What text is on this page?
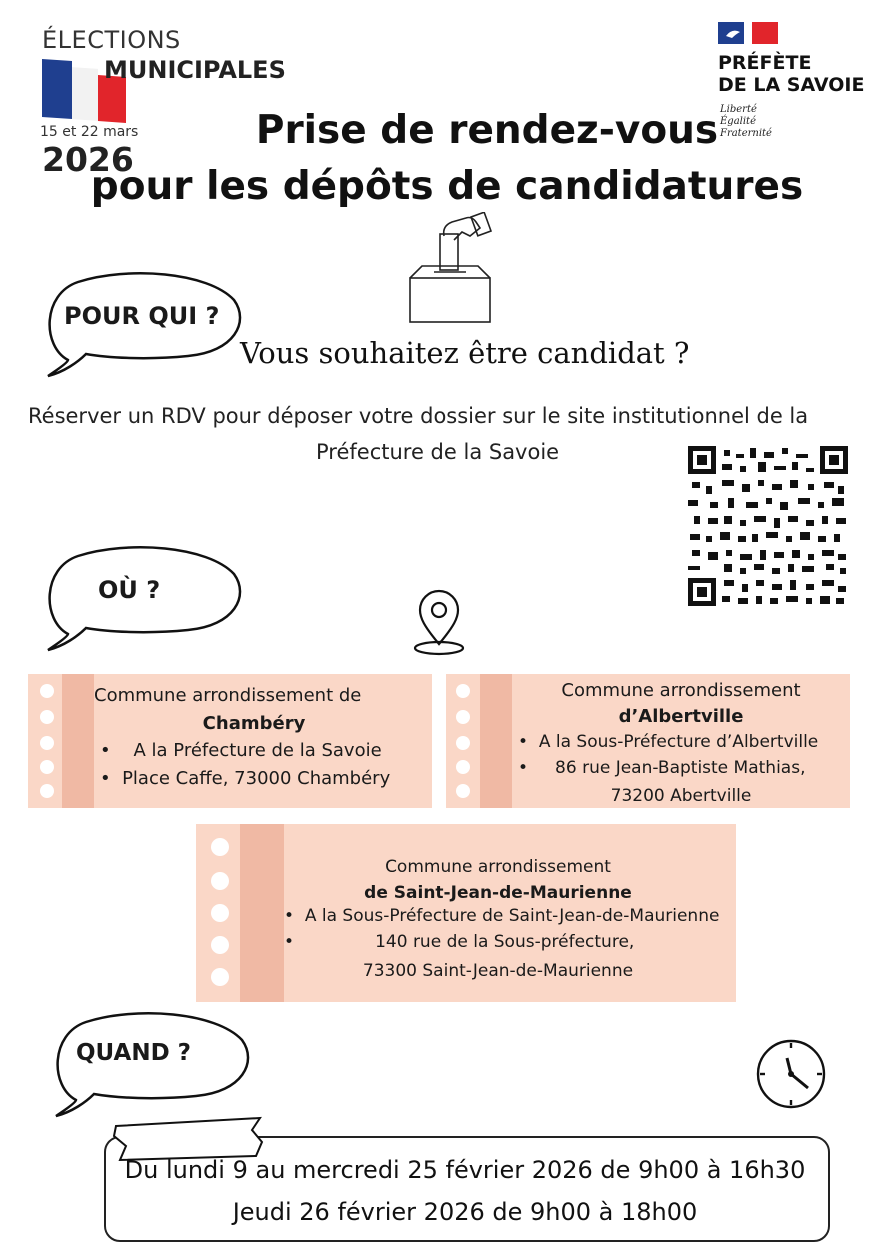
ÉLECTIONS
MUNICIPALES
15 et 22 mars
2026
PRÉFÈTE
DE LA SAVOIE
Liberté
Égalité
Fraternité
Prise de rendez-vous
pour les dépôts de candidatures
POUR QUI ?
Vous souhaitez être candidat ?
Réserver un RDV pour déposer votre dossier sur le site institutionnel de la
Préfecture de la Savoie
OÙ ?
Commune arrondissement de
Chambéry
•    A la Préfecture de la Savoie
•  Place Caffe, 73000 Chambéry
Commune arrondissement
d’Albertville
•  A la Sous-Préfecture d’Albertville
•     86 rue Jean-Baptiste Mathias,
73200 Abertville
Commune arrondissement
de Saint-Jean-de-Maurienne
•  A la Sous-Préfecture de Saint-Jean-de-Maurienne
•               140 rue de la Sous-préfecture,
73300 Saint-Jean-de-Maurienne
QUAND ?
Du lundi 9 au mercredi 25 février 2026 de 9h00 à 16h30
Jeudi 26 février 2026 de 9h00 à 18h00
